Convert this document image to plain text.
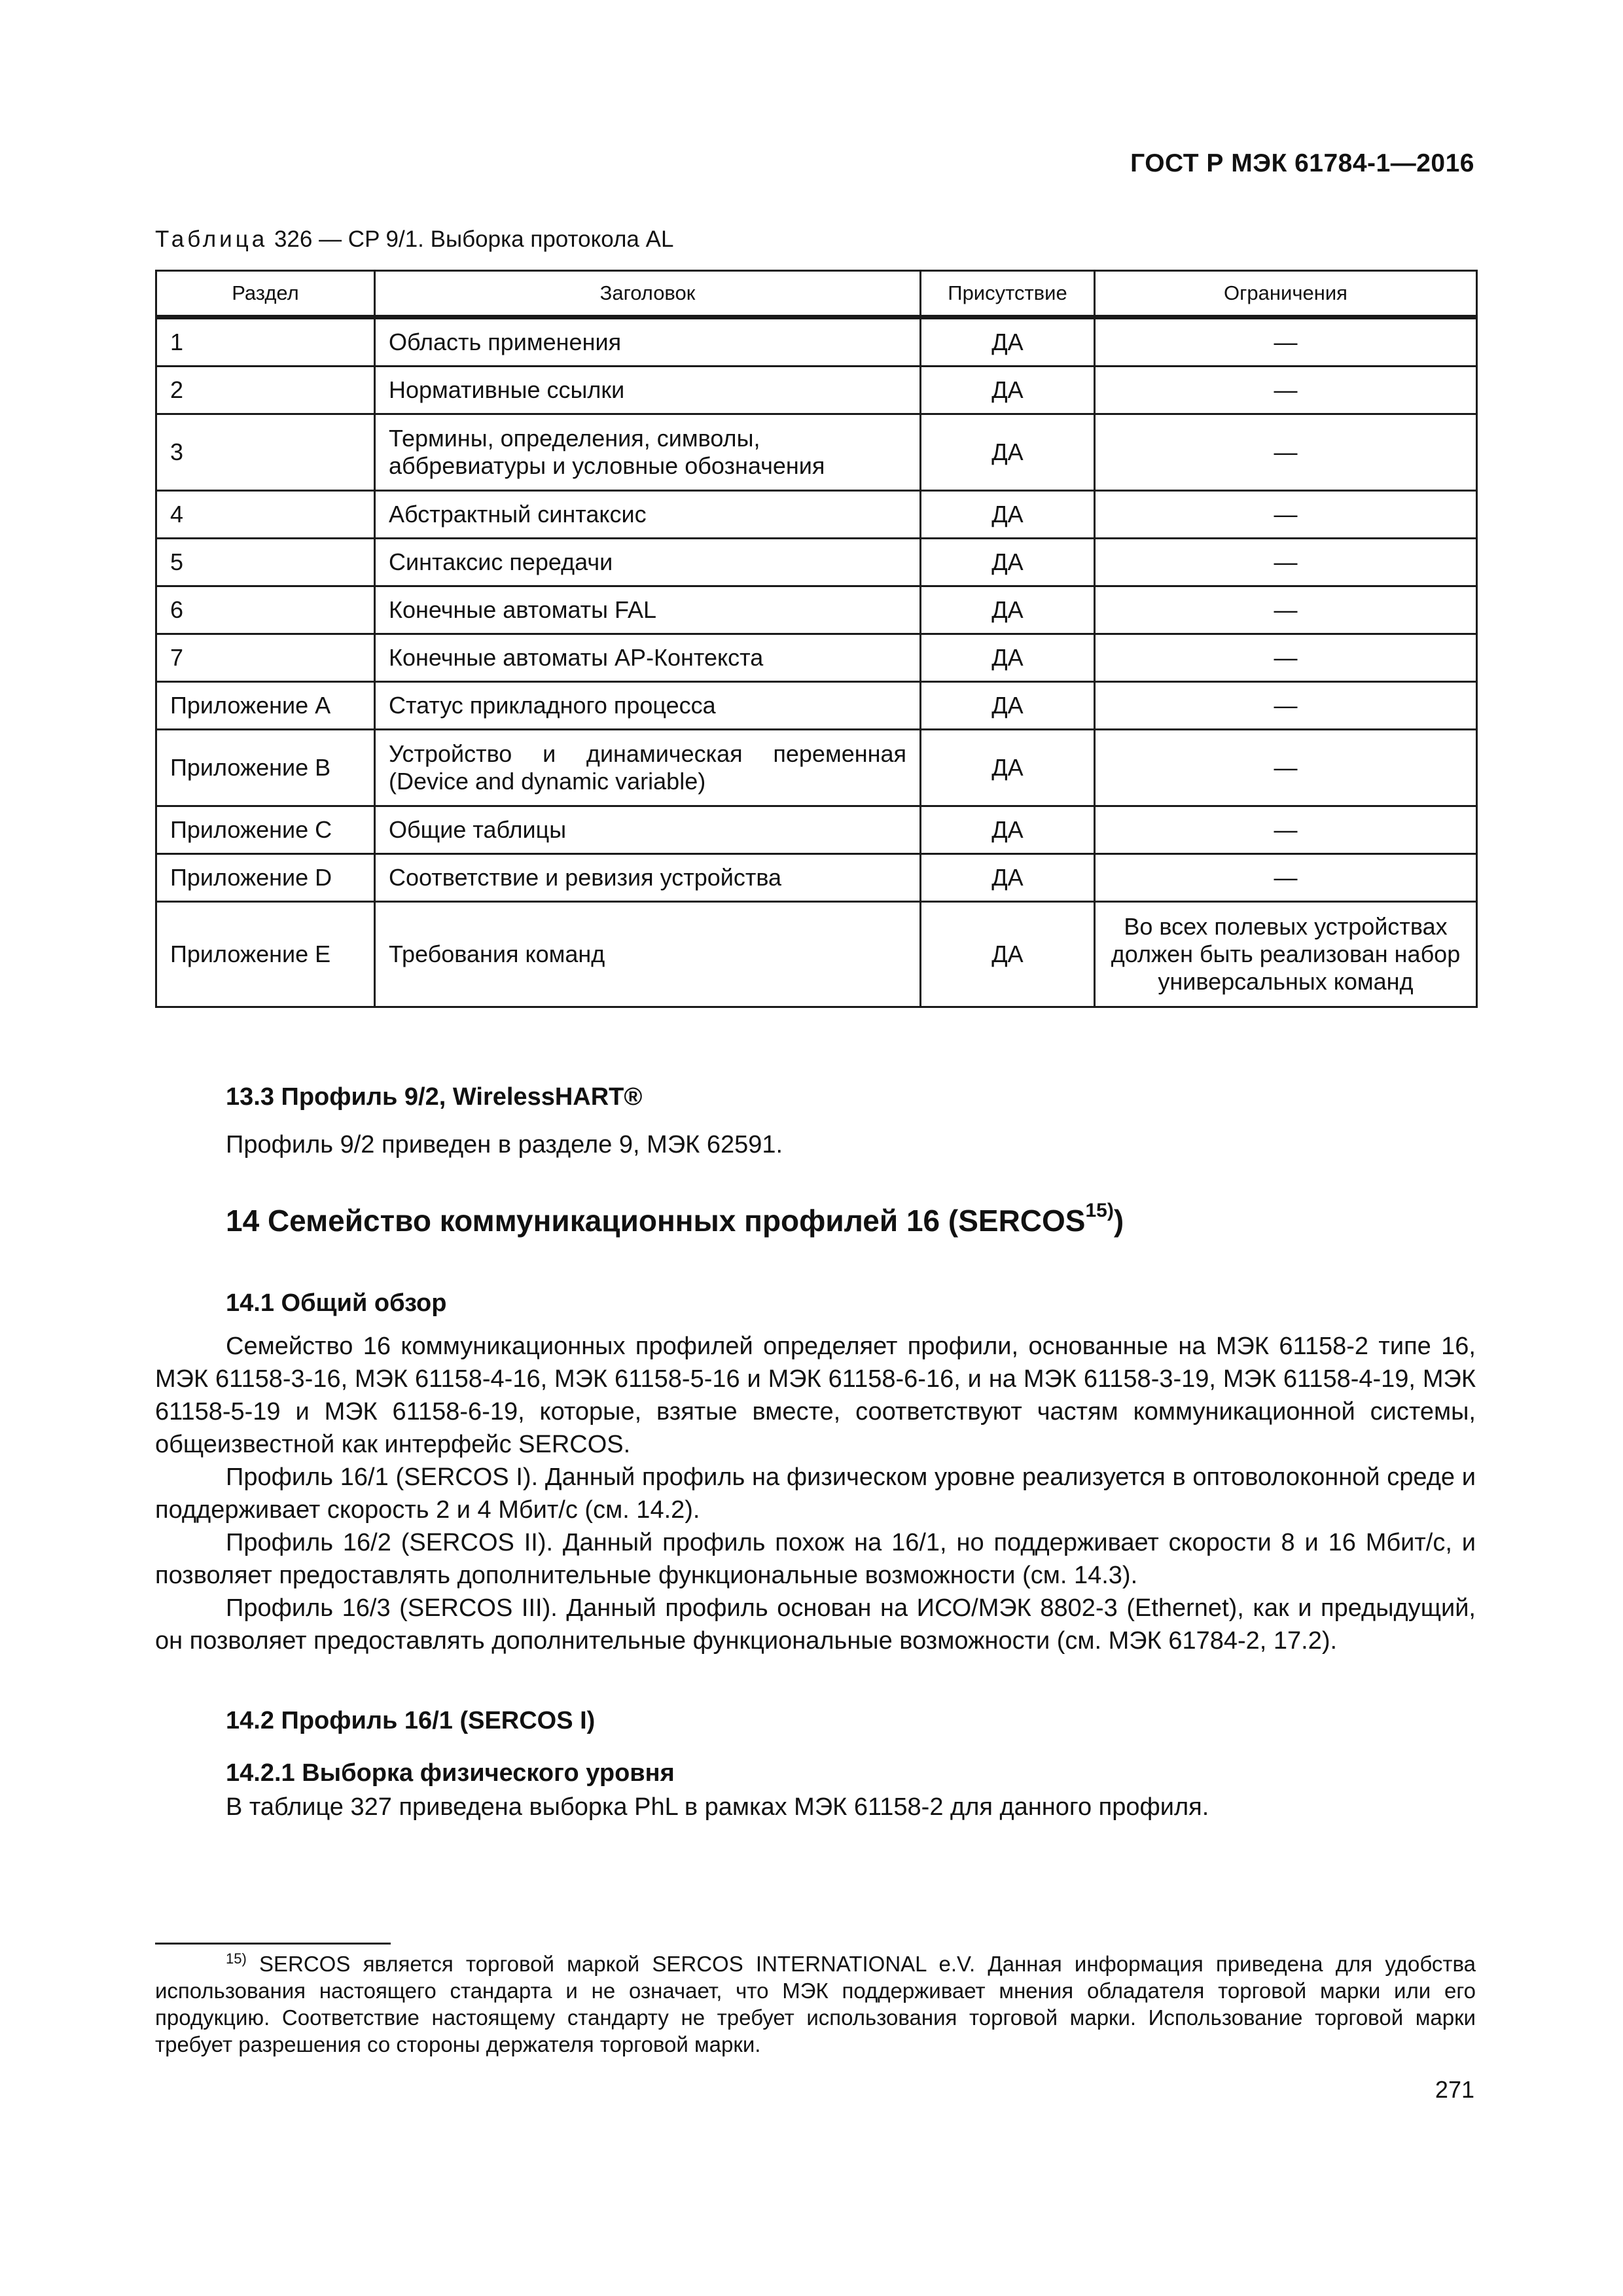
ГОСТ Р МЭК 61784-1—2016
Таблица 326 — CP 9/1. Выборка протокола AL
Раздел	Заголовок	Присутствие	Ограничения
1	Область применения	ДА	—
2	Нормативные ссылки	ДА	—
3	Термины, определения, символы, аббревиатуры и условные обозначения	ДА	—
4	Абстрактный синтаксис	ДА	—
5	Синтаксис передачи	ДА	—
6	Конечные автоматы FAL	ДА	—
7	Конечные автоматы AP-Контекста	ДА	—
Приложение A	Статус прикладного процесса	ДА	—
Приложение B	Устройство и динамическая переменная (Device and dynamic variable)	ДА	—
Приложение C	Общие таблицы	ДА	—
Приложение D	Соответствие и ревизия устройства	ДА	—
Приложение E	Требования команд	ДА	Во всех полевых устройствах должен быть реализован набор универсальных команд
13.3 Профиль 9/2, WirelessHART®
Профиль 9/2 приведен в разделе 9, МЭК 62591.
14 Семейство коммуникационных профилей 16 (SERCOS$^{15)}$)
14.1 Общий обзор
Семейство 16 коммуникационных профилей определяет профили, основанные на МЭК 61158-2 типе 16, МЭК 61158-3-16, МЭК 61158-4-16, МЭК 61158-5-16 и МЭК 61158-6-16, и на МЭК 61158-3-19, МЭК 61158-4-19, МЭК 61158-5-19 и МЭК 61158-6-19, которые, взятые вместе, соответствуют частям коммуникационной системы, общеизвестной как интерфейс SERCOS.
Профиль 16/1 (SERCOS I). Данный профиль на физическом уровне реализуется в оптоволоконной среде и поддерживает скорость 2 и 4 Мбит/с (см. 14.2).
Профиль 16/2 (SERCOS II). Данный профиль похож на 16/1, но поддерживает скорости 8 и 16 Мбит/с, и позволяет предоставлять дополнительные функциональные возможности (см. 14.3).
Профиль 16/3 (SERCOS III). Данный профиль основан на ИСО/МЭК 8802-3 (Ethernet), как и предыдущий, он позволяет предоставлять дополнительные функциональные возможности (см. МЭК 61784-2, 17.2).
14.2 Профиль 16/1 (SERCOS I)
14.2.1 Выборка физического уровня
В таблице 327 приведена выборка PhL в рамках МЭК 61158-2 для данного профиля.
$^{15)}$ SERCOS является торговой маркой SERCOS INTERNATIONAL e.V. Данная информация приведена для удобства использования настоящего стандарта и не означает, что МЭК поддерживает мнения обладателя торговой марки или его продукцию. Соответствие настоящему стандарту не требует использования торговой марки. Использование торговой марки требует разрешения со стороны держателя торговой марки.
271
